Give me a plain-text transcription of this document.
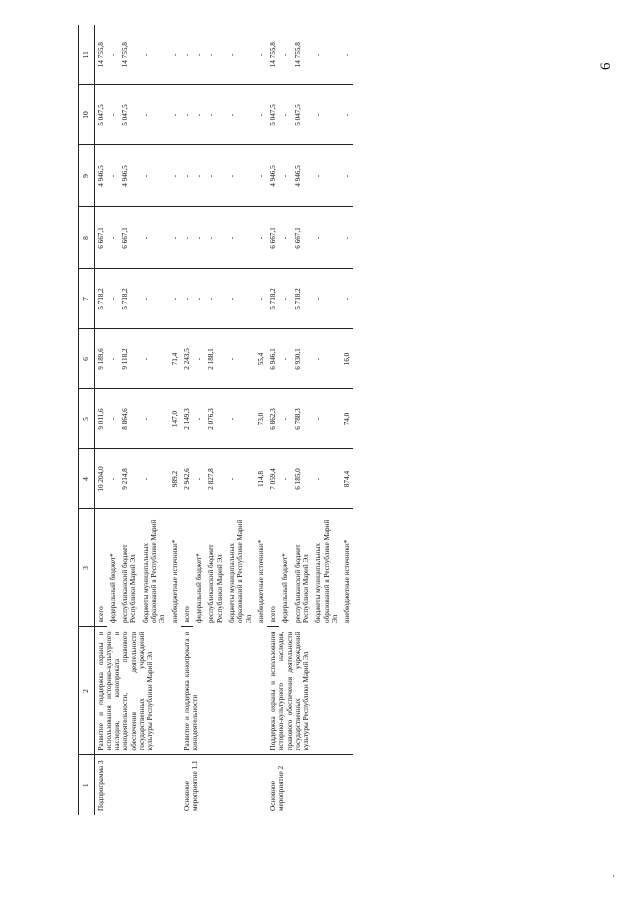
6
1	2	3	4	5	6	7	8	9	10	11
Подпрограмма 3	Развитие и поддержка охраны и использования историко-культурного наследия, кинопроката и кинодеятельности, правового обеспечения деятельности государственных учреждений культуры Республики Марий Эл	всего	10 204,0	9 011,6	9 189,6	5 718,2	6 667,1	4 946,5	5 047,5	14 755,8
		федеральный бюджет*	-	-	-	-	-	-	-	-
		республиканский бюджет Республики Марий Эл	9 214,8	8 864,6	9 118,2	5 718,2	6 667,1	4 946,5	5 047,5	14 755,8
		бюджеты муниципальных образований в Республике Марий Эл	-	-	-	-	-	-	-	-
		внебюджетные источники*	989,2	147,0	71,4	-	-	-	-	-
Основное мероприятие 1.1	Развитие и поддержка кинопроката и кинодеятельности	всего	2 942,6	2 149,3	2 243,5	-	-	-	-	-
		федеральный бюджет*	-	-	-	-	-	-	-	-
		республиканский бюджет Республики Марий Эл	2 827,8	2 076,3	2 188,1	-	-	-	-	-
		бюджеты муниципальных образований в Республике Марий Эл	-	-	-	-	-	-	-	-
		внебюджетные источники*	114,8	73,0	55,4	-	-	-	-	-
Основное мероприятие 2	Поддержка охраны и использования историко-культурного наследия, правового обеспечения деятельности государственных учреждений культуры Республики Марий Эл	всего	7 059,4	6 862,3	6 946,1	5 718,2	6 667,1	4 946,5	5 047,5	14 755,8
		федеральный бюджет*	-	-	-	-	-	-	-	-
		республиканский бюджет Республики Марий Эл	6 185,0	6 788,3	6 930,1	5 718,2	6 667,1	4 946,5	5 047,5	14 755,8
		бюджеты муниципальных образований в Республике Марий Эл	-	-	-	-	-	-	-	-
		внебюджетные источники*	874,4	74,0	16,0	-	-	-	-	-
‚
